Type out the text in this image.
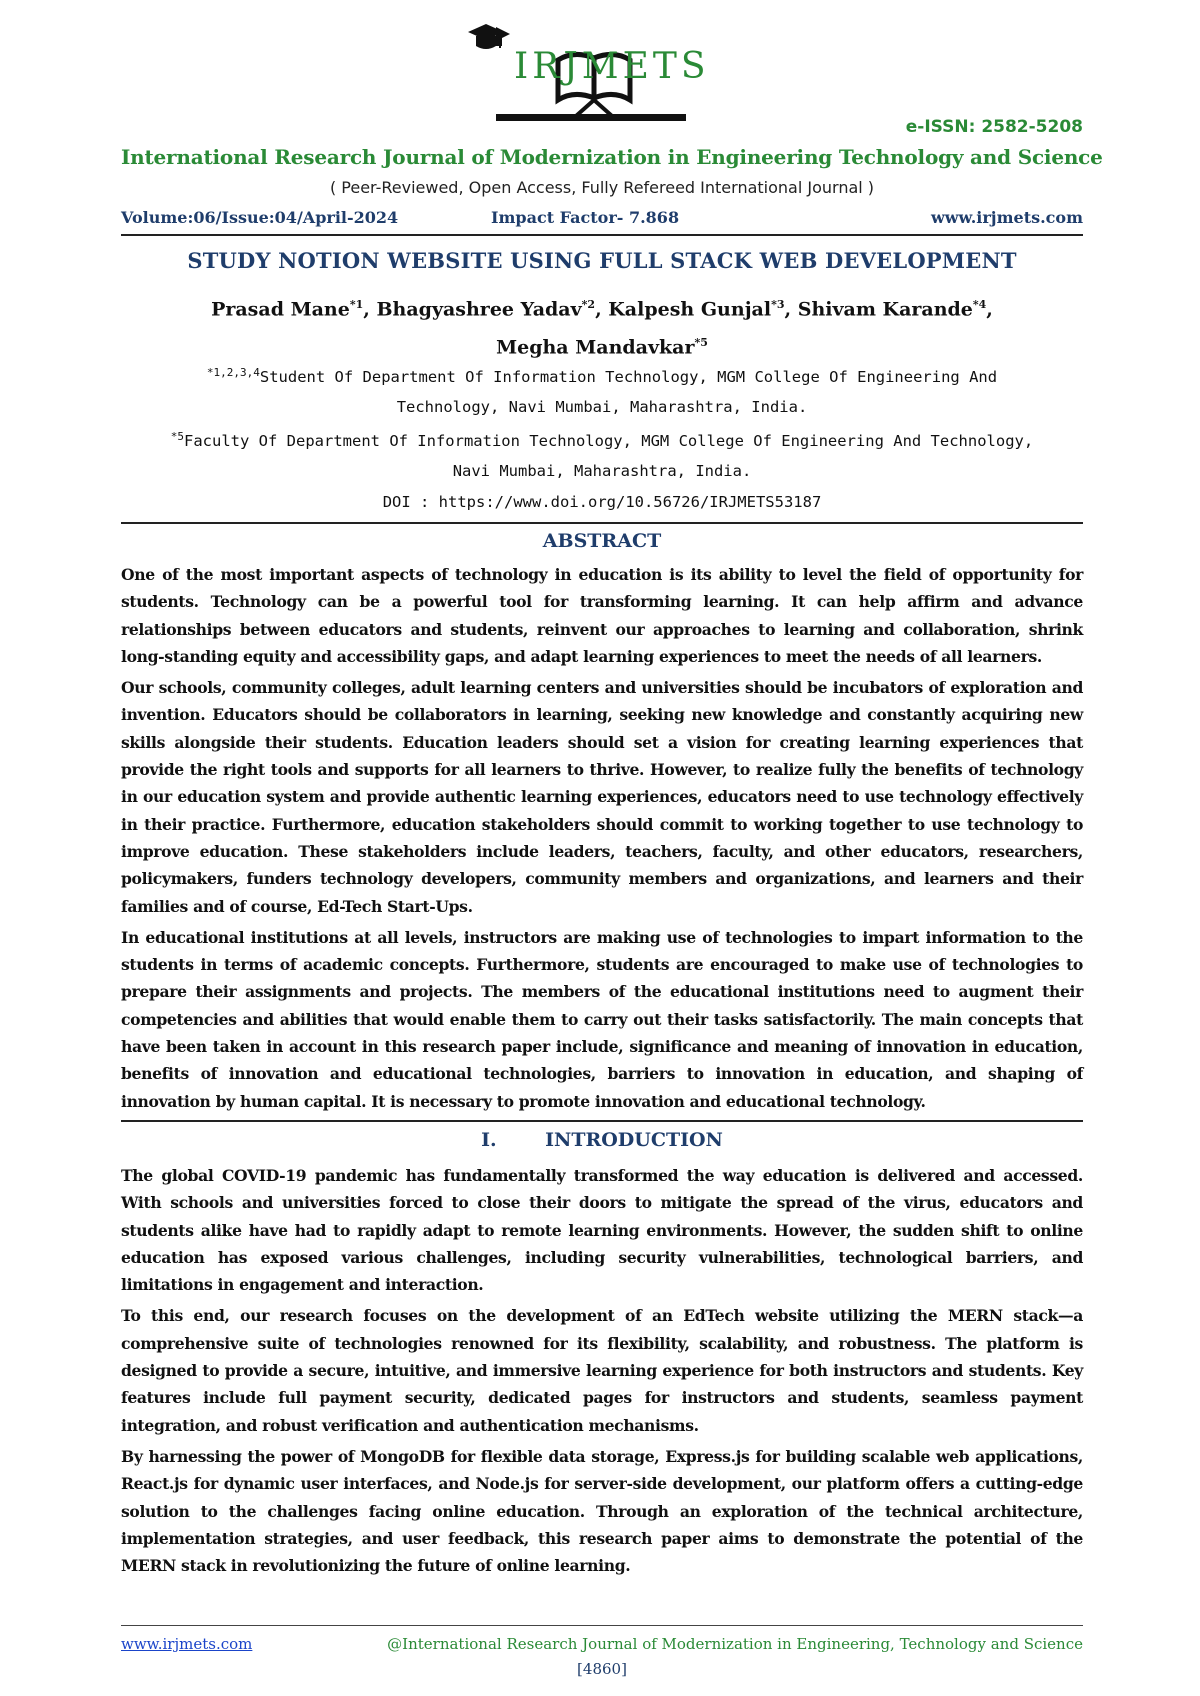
IRJMETS
e-ISSN: 2582-5208
International Research Journal of Modernization in Engineering Technology and Science
( Peer-Reviewed, Open Access, Fully Refereed International Journal )
Volume:06/Issue:04/April-2024	Impact Factor- 7.868	www.irjmets.com
STUDY NOTION WEBSITE USING FULL STACK WEB DEVELOPMENT
Prasad Mane$^{*1}$, Bhagyashree Yadav$^{*2}$, Kalpesh Gunjal$^{*3}$, Shivam Karande$^{*4}$,
Megha Mandavkar$^{*5}$
$^{*1,2,3,4}$Student Of Department Of Information Technology, MGM College Of Engineering And
Technology, Navi Mumbai, Maharashtra, India.
$^{*5}$Faculty Of Department Of Information Technology, MGM College Of Engineering And Technology,
Navi Mumbai, Maharashtra, India.
DOI : https://www.doi.org/10.56726/IRJMETS53187
ABSTRACT

One of the most important aspects of technology in education is its ability to level the field of opportunity for students. Technology can be a powerful tool for transforming learning. It can help affirm and advance relationships between educators and students, reinvent our approaches to learning and collaboration, shrink long-standing equity and accessibility gaps, and adapt learning experiences to meet the needs of all learners.

Our schools, community colleges, adult learning centers and universities should be incubators of exploration and invention. Educators should be collaborators in learning, seeking new knowledge and constantly acquiring new skills alongside their students. Education leaders should set a vision for creating learning experiences that provide the right tools and supports for all learners to thrive. However, to realize fully the benefits of technology in our education system and provide authentic learning experiences, educators need to use technology effectively in their practice. Furthermore, education stakeholders should commit to working together to use technology to improve education. These stakeholders include leaders, teachers, faculty, and other educators, researchers, policymakers, funders technology developers, community members and organizations, and learners and their families and of course, Ed-Tech Start-Ups.

In educational institutions at all levels, instructors are making use of technologies to impart information to the students in terms of academic concepts. Furthermore, students are encouraged to make use of technologies to prepare their assignments and projects. The members of the educational institutions need to augment their competencies and abilities that would enable them to carry out their tasks satisfactorily. The main concepts that have been taken in account in this research paper include, significance and meaning of innovation in education, benefits of innovation and educational technologies, barriers to innovation in education, and shaping of innovation by human capital. It is necessary to promote innovation and educational technology.

I.	INTRODUCTION

The global COVID-19 pandemic has fundamentally transformed the way education is delivered and accessed. With schools and universities forced to close their doors to mitigate the spread of the virus, educators and students alike have had to rapidly adapt to remote learning environments. However, the sudden shift to online education has exposed various challenges, including security vulnerabilities, technological barriers, and limitations in engagement and interaction.

To this end, our research focuses on the development of an EdTech website utilizing the MERN stack—a comprehensive suite of technologies renowned for its flexibility, scalability, and robustness. The platform is designed to provide a secure, intuitive, and immersive learning experience for both instructors and students. Key features include full payment security, dedicated pages for instructors and students, seamless payment integration, and robust verification and authentication mechanisms.

By harnessing the power of MongoDB for flexible data storage, Express.js for building scalable web applications, React.js for dynamic user interfaces, and Node.js for server-side development, our platform offers a cutting-edge solution to the challenges facing online education. Through an exploration of the technical architecture, implementation strategies, and user feedback, this research paper aims to demonstrate the potential of the MERN stack in revolutionizing the future of online learning.

www.irjmets.com	@International Research Journal of Modernization in Engineering, Technology and Science
[4860]
